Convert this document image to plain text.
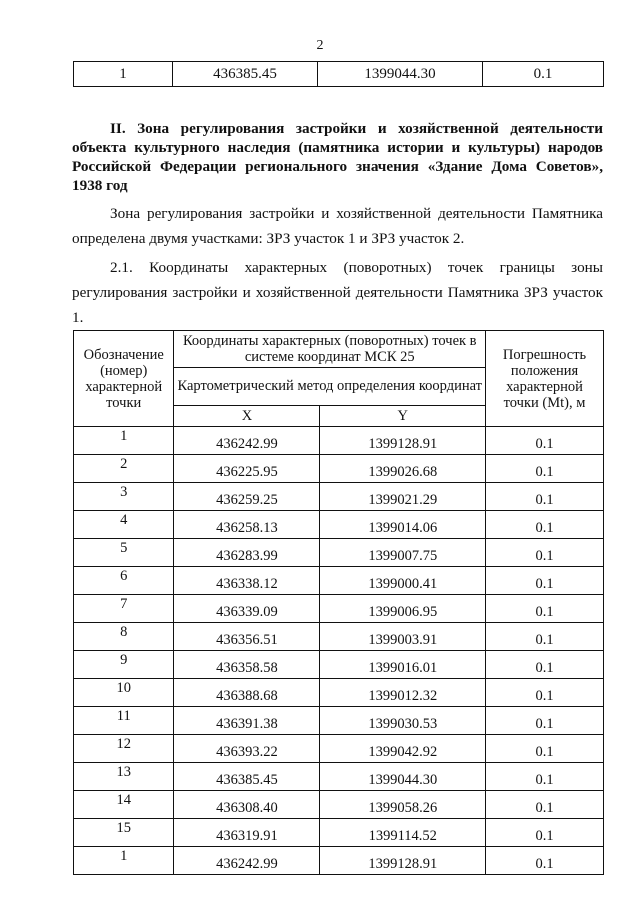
2
1	436385.45	1399044.30	0.1
II. Зона регулирования застройки и хозяйственной деятельности объекта культурного наследия (памятника истории и культуры) народов Российской Федерации регионального значения «Здание Дома Советов», 1938 год
Зона регулирования застройки и хозяйственной деятельности Памятника определена двумя участками: ЗРЗ участок 1 и ЗРЗ участок 2.
2.1. Координаты характерных (поворотных) точек границы зоны регулирования застройки и хозяйственной деятельности Памятника ЗРЗ участок 1.
Обозначение (номер) характерной точки	Координаты характерных (поворотных) точек в системе координат МСК 25		Погрешность положения характерной точки (Mt), м
	Картометрический метод определения координат		
	X	Y	
1	436242.99	1399128.91	0.1
2	436225.95	1399026.68	0.1
3	436259.25	1399021.29	0.1
4	436258.13	1399014.06	0.1
5	436283.99	1399007.75	0.1
6	436338.12	1399000.41	0.1
7	436339.09	1399006.95	0.1
8	436356.51	1399003.91	0.1
9	436358.58	1399016.01	0.1
10	436388.68	1399012.32	0.1
11	436391.38	1399030.53	0.1
12	436393.22	1399042.92	0.1
13	436385.45	1399044.30	0.1
14	436308.40	1399058.26	0.1
15	436319.91	1399114.52	0.1
1	436242.99	1399128.91	0.1
